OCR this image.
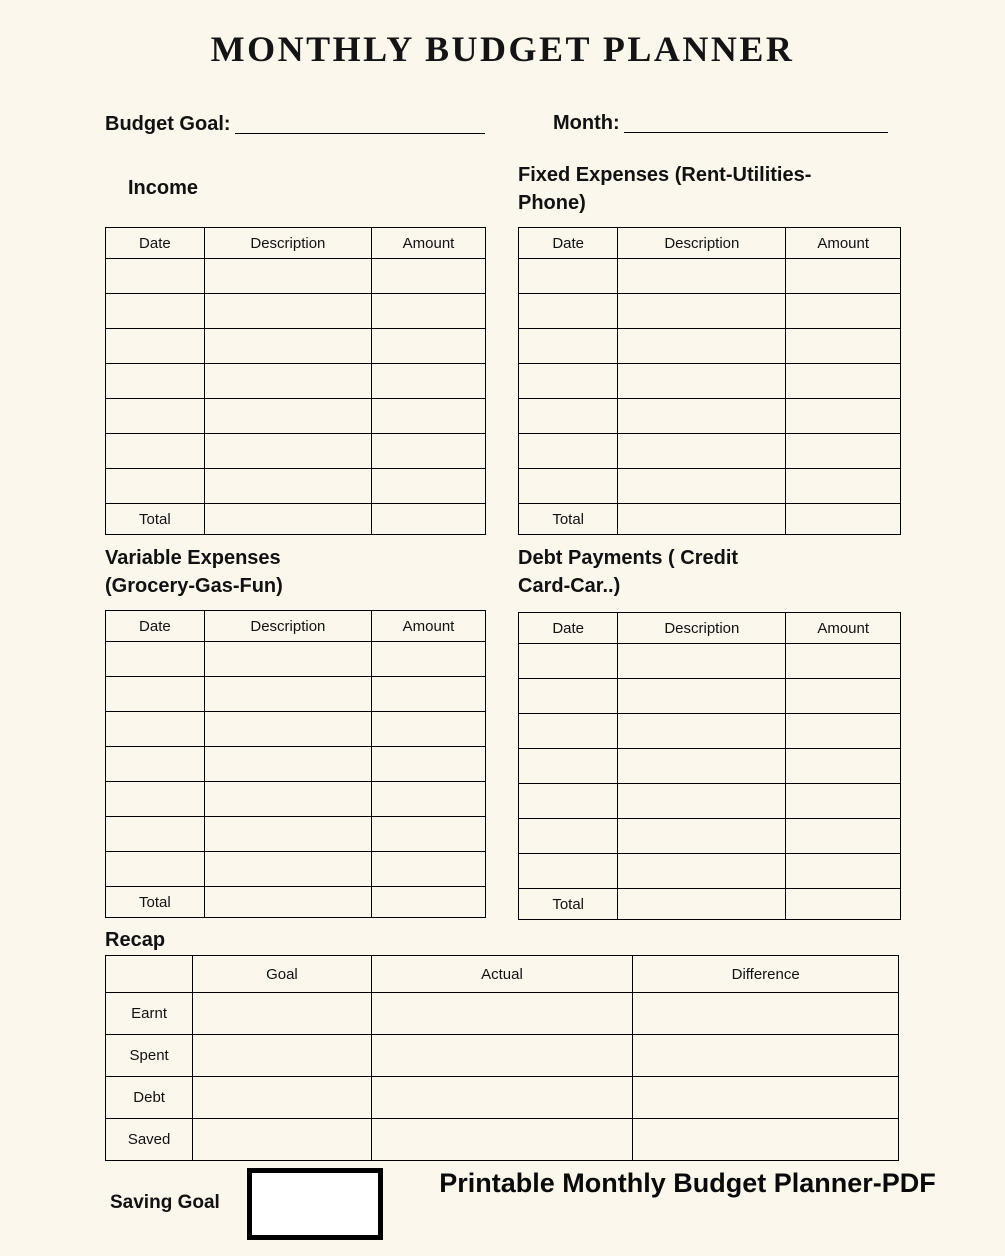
MONTHLY BUDGET PLANNER
Budget Goal:	Month:
Income
Date	Description	Amount

Total		
Fixed Expenses (Rent-Utilities-Phone)
Date	Description	Amount

Total		
Variable Expenses (Grocery-Gas-Fun)
Date	Description	Amount

Total		
Debt Payments ( Credit Card-Car..)
Date	Description	Amount

Total		
Recap
	Goal	Actual	Difference
Earnt			
Spent			
Debt			
Saved			
Saving Goal
Printable Monthly Budget Planner-PDF
